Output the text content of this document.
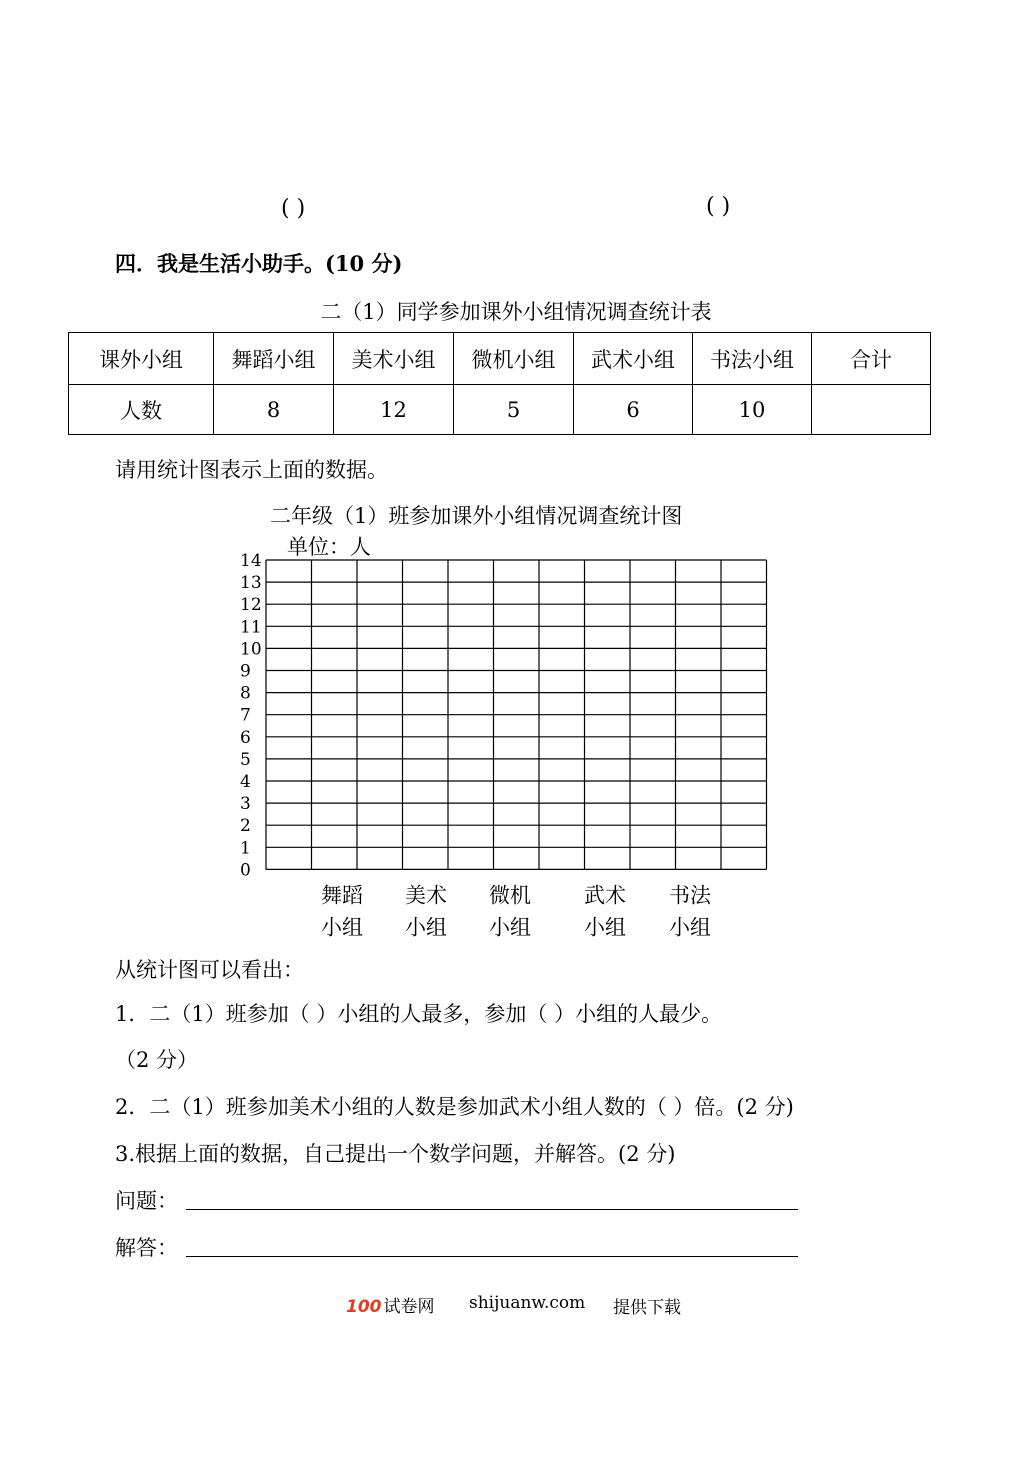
( )	( )
四．我是生活小助手。(10 分)
二（1）同学参加课外小组情况调查统计表
课外小组	舞蹈小组	美术小组	微机小组	武术小组	书法小组	合计
人数	8	12	5	6	10	
请用统计图表示上面的数据。
二年级（1）班参加课外小组情况调查统计图
单位：人
0
1
2
3
4
5
6
7
8
9
10
11
12
13
14
舞蹈
小组
美术
小组
微机
小组
武术
小组
书法
小组
从统计图可以看出：
1．二（1）班参加（ ）小组的人最多，参加（ ）小组的人最少。
（2 分）
2．二（1）班参加美术小组的人数是参加武术小组人数的（ ）倍。(2 分)
3.根据上面的数据，自己提出一个数学问题，并解答。(2 分)
问题：
解答：
100 试卷网 shijuanw.com 提供下载
